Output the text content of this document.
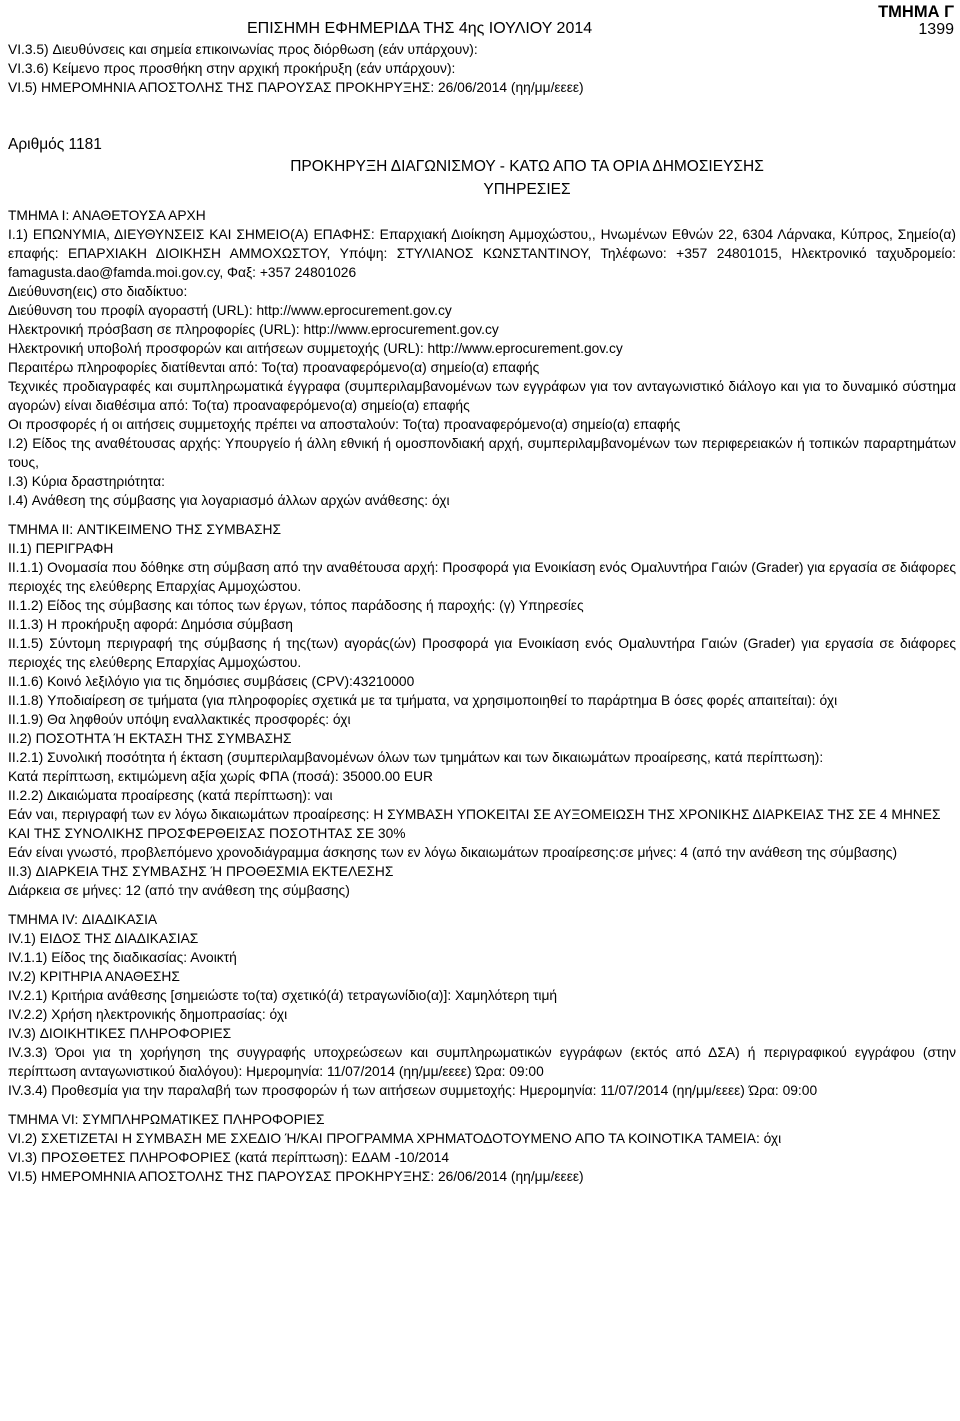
ΕΠΙΣΗΜΗ ΕΦΗΜΕΡΙΔΑ ΤΗΣ 4ης ΙΟΥΛΙΟΥ 2014
ΤΜΗΜΑ Γ
1399
VI.3.5) Διευθύνσεις και σημεία επικοινωνίας προς διόρθωση (εάν υπάρχουν):
VI.3.6) Κείμενο προς προσθήκη στην αρχική προκήρυξη (εάν υπάρχουν):
VI.5) ΗΜΕΡΟΜΗΝΙΑ ΑΠΟΣΤΟΛΗΣ ΤΗΣ ΠΑΡΟΥΣΑΣ ΠΡΟΚΗΡΥΞΗΣ: 26/06/2014 (ηη/μμ/εεεε)
Αριθμός 1181
ΠΡΟΚΗΡΥΞΗ ΔΙΑΓΩΝΙΣΜΟΥ - ΚΑΤΩ ΑΠΟ ΤΑ ΟΡΙΑ ΔΗΜΟΣΙΕΥΣΗΣ
ΥΠΗΡΕΣΙΕΣ
ΤΜΗΜΑ Ι: ΑΝΑΘΕΤΟΥΣΑ ΑΡΧΗ
I.1) ΕΠΩΝΥΜΙΑ, ΔΙΕΥΘΥΝΣΕΙΣ ΚΑΙ ΣΗΜΕΙΟ(Α) ΕΠΑΦΗΣ: Επαρχιακή Διοίκηση Αμμοχώστου,, Ηνωμένων Εθνών 22, 6304 Λάρνακα, Κύπρος, Σημείο(α) επαφής: ΕΠΑΡΧΙΑΚΗ ΔΙΟΙΚΗΣΗ ΑΜΜΟΧΩΣΤΟΥ, Υπόψη: ΣΤΥΛΙΑΝΟΣ ΚΩΝΣΤΑΝΤΙΝΟΥ, Τηλέφωνο: +357 24801015, Ηλεκτρονικό ταχυδρομείο: famagusta.dao@famda.moi.gov.cy, Φαξ: +357 24801026
Διεύθυνση(εις) στο διαδίκτυο:
Διεύθυνση του προφίλ αγοραστή (URL): http://www.eprocurement.gov.cy
Ηλεκτρονική πρόσβαση σε πληροφορίες (URL): http://www.eprocurement.gov.cy
Ηλεκτρονική υποβολή προσφορών και αιτήσεων συμμετοχής (URL): http://www.eprocurement.gov.cy
Περαιτέρω πληροφορίες διατίθενται από: Το(τα) προαναφερόμενο(α) σημείο(α) επαφής
Τεχνικές προδιαγραφές και συμπληρωματικά έγγραφα (συμπεριλαμβανομένων των εγγράφων για τον ανταγωνιστικό διάλογο και για το δυναμικό σύστημα αγορών) είναι διαθέσιμα από: Το(τα) προαναφερόμενο(α) σημείο(α) επαφής
Οι προσφορές ή οι αιτήσεις συμμετοχής πρέπει να αποσταλούν: Το(τα) προαναφερόμενο(α) σημείο(α) επαφής
I.2) Είδος της αναθέτουσας αρχής: Υπουργείο ή άλλη εθνική ή ομοσπονδιακή αρχή, συμπεριλαμβανομένων των περιφερειακών ή τοπικών παραρτημάτων τους,
I.3) Κύρια δραστηριότητα:
I.4) Ανάθεση της σύμβασης για λογαριασμό άλλων αρχών ανάθεσης: όχι
ΤΜΗΜΑ II: ΑΝΤΙΚΕΙΜΕΝΟ ΤΗΣ ΣΥΜΒΑΣΗΣ
II.1) ΠΕΡΙΓΡΑΦΗ
II.1.1) Ονομασία που δόθηκε στη σύμβαση από την αναθέτουσα αρχή: Προσφορά για Ενοικίαση ενός Ομαλυντήρα Γαιών (Grader) για εργασία σε διάφορες περιοχές της ελεύθερης Επαρχίας Αμμοχώστου.
II.1.2) Είδος της σύμβασης και τόπος των έργων, τόπος παράδοσης ή παροχής: (γ) Υπηρεσίες
II.1.3) Η προκήρυξη αφορά: Δημόσια σύμβαση
II.1.5) Σύντομη περιγραφή της σύμβασης ή της(των) αγοράς(ών) Προσφορά για Ενοικίαση ενός Ομαλυντήρα Γαιών (Grader) για εργασία σε διάφορες περιοχές της ελεύθερης Επαρχίας Αμμοχώστου.
II.1.6) Κοινό λεξιλόγιο για τις δημόσιες συμβάσεις (CPV):43210000
II.1.8) Υποδιαίρεση σε τμήματα (για πληροφορίες σχετικά με τα τμήματα, να χρησιμοποιηθεί το παράρτημα Β όσες φορές απαιτείται): όχι
II.1.9) Θα ληφθούν υπόψη εναλλακτικές προσφορές: όχι
II.2) ΠΟΣΟΤΗΤΑ Ή ΕΚΤΑΣΗ ΤΗΣ ΣΥΜΒΑΣΗΣ
II.2.1) Συνολική ποσότητα ή έκταση (συμπεριλαμβανομένων όλων των τμημάτων και των δικαιωμάτων προαίρεσης, κατά περίπτωση):
Κατά περίπτωση, εκτιμώμενη αξία χωρίς ΦΠΑ (ποσά): 35000.00 EUR
II.2.2) Δικαιώματα προαίρεσης (κατά περίπτωση): ναι
Εάν ναι, περιγραφή των εν λόγω δικαιωμάτων προαίρεσης: Η ΣΥΜΒΑΣΗ ΥΠΟΚΕΙΤΑΙ ΣΕ ΑΥΞΟΜΕΙΩΣΗ ΤΗΣ ΧΡΟΝΙΚΗΣ ΔΙΑΡΚΕΙΑΣ ΤΗΣ ΣΕ 4 ΜΗΝΕΣ ΚΑΙ ΤΗΣ ΣΥΝΟΛΙΚΗΣ ΠΡΟΣΦΕΡΘΕΙΣΑΣ ΠΟΣΟΤΗΤΑΣ ΣΕ 30%
Εάν είναι γνωστό, προβλεπόμενο χρονοδιάγραμμα άσκησης των εν λόγω δικαιωμάτων προαίρεσης:σε μήνες: 4 (από την ανάθεση της σύμβασης)
II.3) ΔΙΑΡΚΕΙΑ ΤΗΣ ΣΥΜΒΑΣΗΣ Ή ΠΡΟΘΕΣΜΙΑ ΕΚΤΕΛΕΣΗΣ
Διάρκεια σε μήνες: 12 (από την ανάθεση της σύμβασης)
ΤΜΗΜΑ IV: ΔΙΑΔΙΚΑΣΙΑ
IV.1) ΕΙΔΟΣ ΤΗΣ ΔΙΑΔΙΚΑΣΙΑΣ
IV.1.1) Είδος της διαδικασίας: Ανοικτή
IV.2) ΚΡΙΤΗΡΙΑ ΑΝΑΘΕΣΗΣ
IV.2.1) Κριτήρια ανάθεσης [σημειώστε το(τα) σχετικό(ά) τετραγωνίδιο(α)]: Χαμηλότερη τιμή
IV.2.2) Χρήση ηλεκτρονικής δημοπρασίας: όχι
IV.3) ΔΙΟΙΚΗΤΙΚΕΣ ΠΛΗΡΟΦΟΡΙΕΣ
IV.3.3) Όροι για τη χορήγηση της συγγραφής υποχρεώσεων και συμπληρωματικών εγγράφων (εκτός από ΔΣΑ) ή περιγραφικού εγγράφου (στην περίπτωση ανταγωνιστικού διαλόγου): Ημερομηνία: 11/07/2014 (ηη/μμ/εεεε) Ώρα: 09:00
IV.3.4) Προθεσμία για την παραλαβή των προσφορών ή των αιτήσεων συμμετοχής: Ημερομηνία: 11/07/2014 (ηη/μμ/εεεε) Ώρα: 09:00
ΤΜΗΜΑ VI: ΣΥΜΠΛΗΡΩΜΑΤΙΚΕΣ ΠΛΗΡΟΦΟΡΙΕΣ
VI.2) ΣΧΕΤΙΖΕΤΑΙ Η ΣΥΜΒΑΣΗ ΜΕ ΣΧΕΔΙΟ Ή/ΚΑΙ ΠΡΟΓΡΑΜΜΑ ΧΡΗΜΑΤΟΔΟΤΟΥΜΕΝΟ ΑΠΟ ΤΑ ΚΟΙΝΟΤΙΚΑ ΤΑΜΕΙΑ: όχι
VI.3) ΠΡΟΣΘΕΤΕΣ ΠΛΗΡΟΦΟΡΙΕΣ (κατά περίπτωση): ΕΔΑΜ -10/2014
VI.5) ΗΜΕΡΟΜΗΝΙΑ ΑΠΟΣΤΟΛΗΣ ΤΗΣ ΠΑΡΟΥΣΑΣ ΠΡΟΚΗΡΥΞΗΣ: 26/06/2014 (ηη/μμ/εεεε)
